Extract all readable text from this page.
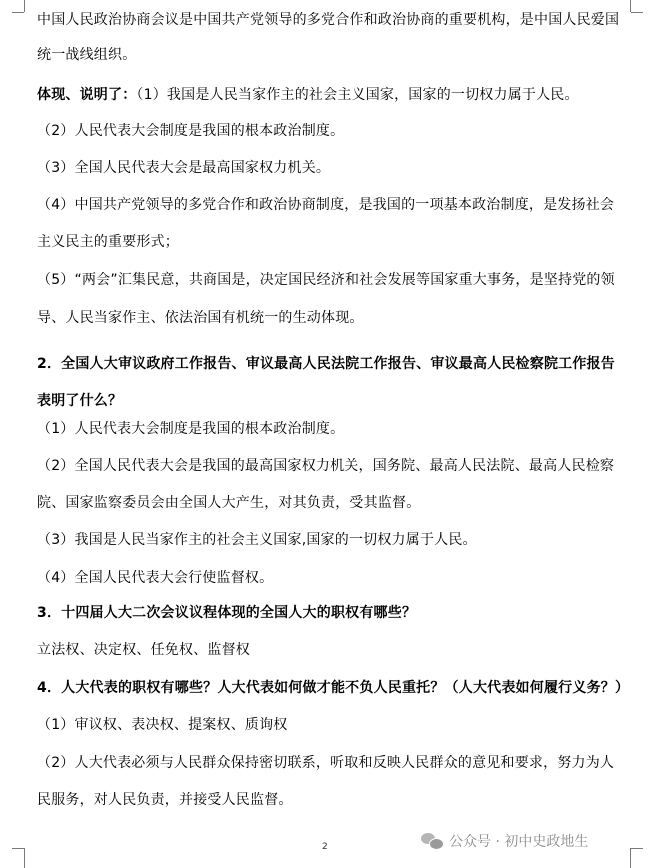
中国人民政治协商会议是中国共产党领导的多党合作和政治协商的重要机构，是中国人民爱国
统一战线组织。
体现、说明了：（1）我国是人民当家作主的社会主义国家，国家的一切权力属于人民。
（2）人民代表大会制度是我国的根本政治制度。
（3）全国人民代表大会是最高国家权力机关。
（4）中国共产党领导的多党合作和政治协商制度，是我国的一项基本政治制度，是发扬社会
主义民主的重要形式；
（5）“两会”汇集民意，共商国是，决定国民经济和社会发展等国家重大事务，是坚持党的领
导、人民当家作主、依法治国有机统一的生动体现。
2．全国人大审议政府工作报告、审议最高人民法院工作报告、审议最高人民检察院工作报告
表明了什么？
（1）人民代表大会制度是我国的根本政治制度。
（2）全国人民代表大会是我国的最高国家权力机关，国务院、最高人民法院、最高人民检察
院、国家监察委员会由全国人大产生，对其负责，受其监督。
（3）我国是人民当家作主的社会主义国家,国家的一切权力属于人民。
（4）全国人民代表大会行使监督权。
3．十四届人大二次会议议程体现的全国人大的职权有哪些？
立法权、决定权、任免权、监督权
4．人大代表的职权有哪些？人大代表如何做才能不负人民重托？（人大代表如何履行义务？）
（1）审议权、表决权、提案权、质询权
（2）人大代表必须与人民群众保持密切联系，听取和反映人民群众的意见和要求，努力为人
民服务，对人民负责，并接受人民监督。
2	公众号 · 初中史政地生
